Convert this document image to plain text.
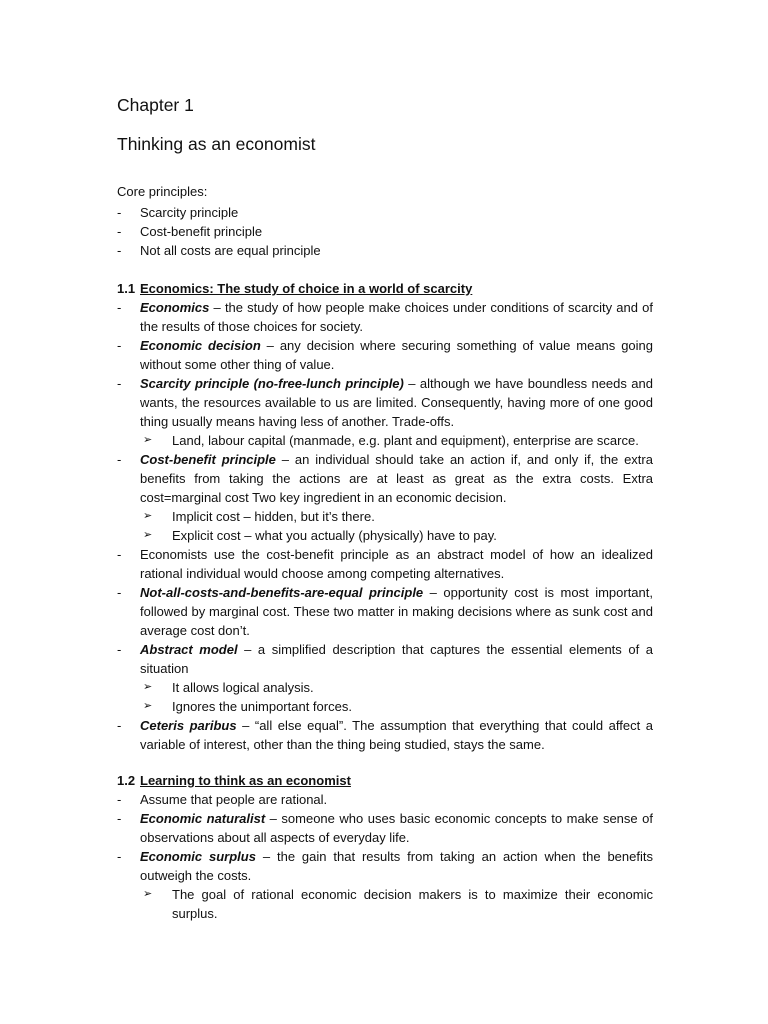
Chapter 1
Thinking as an economist
Core principles:
- Scarcity principle
- Cost-benefit principle
- Not all costs are equal principle
1.1 Economics: The study of choice in a world of scarcity
-	Economics – the study of how people make choices under conditions of scarcity and of the results of those choices for society.
-	Economic decision – any decision where securing something of value means going without some other thing of value.
-	Scarcity principle (no-free-lunch principle) – although we have boundless needs and wants, the resources available to us are limited. Consequently, having more of one good thing usually means having less of another. Trade-offs.
➢ Land, labour capital (manmade, e.g. plant and equipment), enterprise are scarce.
-	Cost-benefit principle – an individual should take an action if, and only if, the extra benefits from taking the actions are at least as great as the extra costs. Extra cost=marginal cost Two key ingredient in an economic decision.
➢ Implicit cost – hidden, but it’s there.
➢ Explicit cost – what you actually (physically) have to pay.
-	Economists use the cost-benefit principle as an abstract model of how an idealized rational individual would choose among competing alternatives.
-	Not-all-costs-and-benefits-are-equal principle – opportunity cost is most important, followed by marginal cost. These two matter in making decisions where as sunk cost and average cost don’t.
-	Abstract model – a simplified description that captures the essential elements of a situation
➢ It allows logical analysis.
➢ Ignores the unimportant forces.
-	Ceteris paribus – “all else equal”. The assumption that everything that could affect a variable of interest, other than the thing being studied, stays the same.
1.2 Learning to think as an economist
-	Assume that people are rational.
-	Economic naturalist – someone who uses basic economic concepts to make sense of observations about all aspects of everyday life.
-	Economic surplus – the gain that results from taking an action when the benefits outweigh the costs.
➢ The goal of rational economic decision makers is to maximize their economic surplus.
